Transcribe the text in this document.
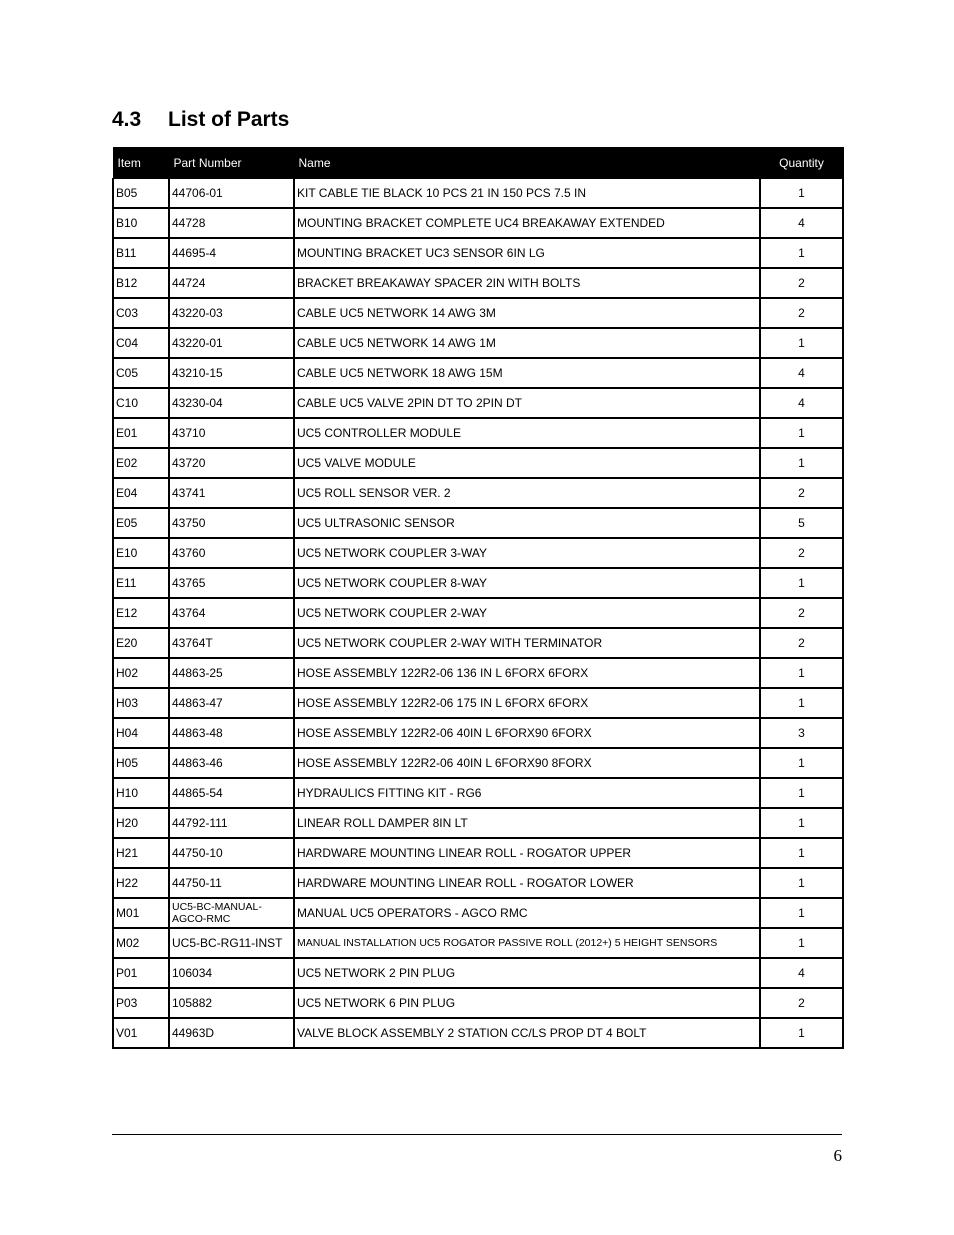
4.3 List of Parts
Item	Part Number	Name	Quantity
B05	44706-01	KIT CABLE TIE BLACK 10 PCS 21 IN 150 PCS 7.5 IN	1
B10	44728	MOUNTING BRACKET COMPLETE UC4 BREAKAWAY EXTENDED	4
B11	44695-4	MOUNTING BRACKET UC3 SENSOR 6IN LG	1
B12	44724	BRACKET BREAKAWAY SPACER 2IN WITH BOLTS	2
C03	43220-03	CABLE UC5 NETWORK 14 AWG 3M	2
C04	43220-01	CABLE UC5 NETWORK 14 AWG 1M	1
C05	43210-15	CABLE UC5 NETWORK 18 AWG 15M	4
C10	43230-04	CABLE UC5 VALVE 2PIN DT TO 2PIN DT	4
E01	43710	UC5 CONTROLLER MODULE	1
E02	43720	UC5 VALVE MODULE	1
E04	43741	UC5 ROLL SENSOR VER. 2	2
E05	43750	UC5 ULTRASONIC SENSOR	5
E10	43760	UC5 NETWORK COUPLER 3-WAY	2
E11	43765	UC5 NETWORK COUPLER 8-WAY	1
E12	43764	UC5 NETWORK COUPLER 2-WAY	2
E20	43764T	UC5 NETWORK COUPLER 2-WAY WITH TERMINATOR	2
H02	44863-25	HOSE ASSEMBLY 122R2-06 136 IN L 6FORX 6FORX	1
H03	44863-47	HOSE ASSEMBLY 122R2-06 175 IN L 6FORX 6FORX	1
H04	44863-48	HOSE ASSEMBLY 122R2-06 40IN L 6FORX90 6FORX	3
H05	44863-46	HOSE ASSEMBLY 122R2-06 40IN L 6FORX90 8FORX	1
H10	44865-54	HYDRAULICS FITTING KIT - RG6	1
H20	44792-111	LINEAR ROLL DAMPER 8IN LT	1
H21	44750-10	HARDWARE MOUNTING LINEAR ROLL - ROGATOR UPPER	1
H22	44750-11	HARDWARE MOUNTING LINEAR ROLL - ROGATOR LOWER	1
M01	UC5-BC-MANUAL-AGCO-RMC	MANUAL UC5 OPERATORS - AGCO RMC	1
M02	UC5-BC-RG11-INST	MANUAL INSTALLATION UC5 ROGATOR PASSIVE ROLL (2012+) 5 HEIGHT SENSORS	1
P01	106034	UC5 NETWORK 2 PIN PLUG	4
P03	105882	UC5 NETWORK 6 PIN PLUG	2
V01	44963D	VALVE BLOCK ASSEMBLY 2 STATION CC/LS PROP DT 4 BOLT	1
6
